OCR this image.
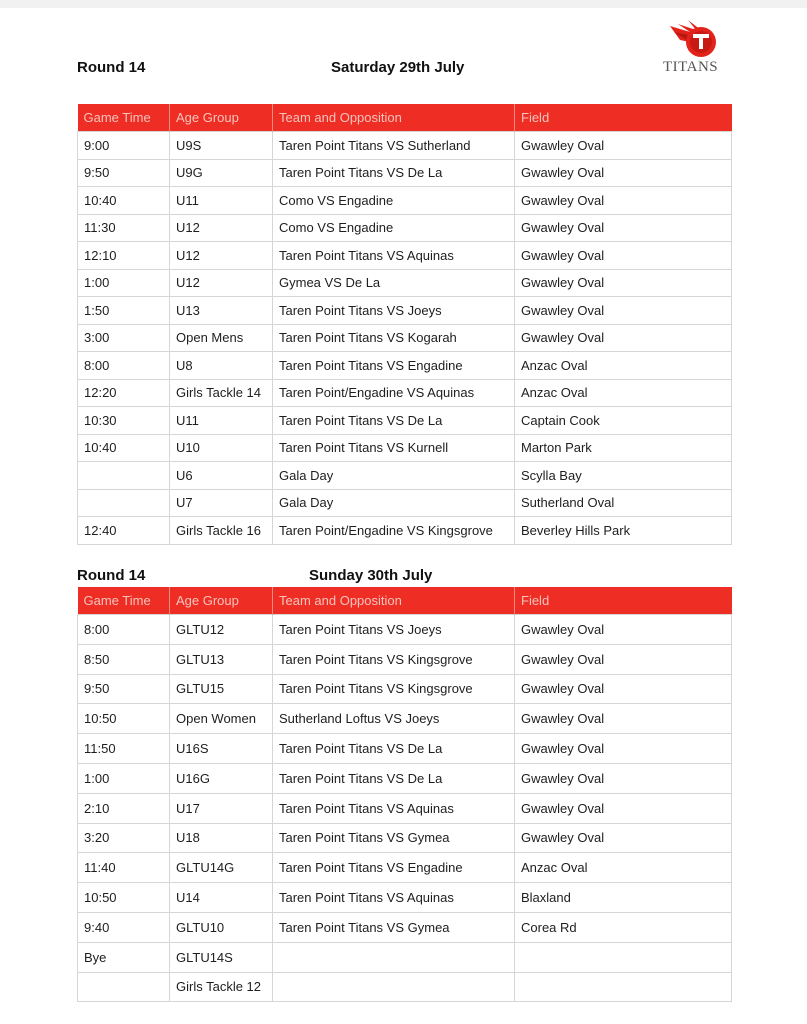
Round 14	Saturday 29th July	TITANS
Game Time	Age Group	Team and Opposition	Field
9:00	U9S	Taren Point Titans VS Sutherland	Gwawley Oval
9:50	U9G	Taren Point Titans VS De La	Gwawley Oval
10:40	U11	Como VS Engadine	Gwawley Oval
11:30	U12	Como VS Engadine	Gwawley Oval
12:10	U12	Taren Point Titans VS Aquinas	Gwawley Oval
1:00	U12	Gymea VS De La	Gwawley Oval
1:50	U13	Taren Point Titans VS Joeys	Gwawley Oval
3:00	Open Mens	Taren Point Titans VS Kogarah	Gwawley Oval
8:00	U8	Taren Point Titans VS Engadine	Anzac Oval
12:20	Girls Tackle 14	Taren Point/Engadine VS Aquinas	Anzac Oval
10:30	U11	Taren Point Titans VS De La	Captain Cook
10:40	U10	Taren Point Titans VS Kurnell	Marton Park
	U6	Gala Day	Scylla Bay
	U7	Gala Day	Sutherland Oval
12:40	Girls Tackle 16	Taren Point/Engadine VS Kingsgrove	Beverley Hills Park
Round 14	Sunday 30th July
Game Time	Age Group	Team and Opposition	Field
8:00	GLTU12	Taren Point Titans VS Joeys	Gwawley Oval
8:50	GLTU13	Taren Point Titans VS Kingsgrove	Gwawley Oval
9:50	GLTU15	Taren Point Titans VS Kingsgrove	Gwawley Oval
10:50	Open Women	Sutherland Loftus VS Joeys	Gwawley Oval
11:50	U16S	Taren Point Titans VS De La	Gwawley Oval
1:00	U16G	Taren Point Titans VS De La	Gwawley Oval
2:10	U17	Taren Point Titans VS Aquinas	Gwawley Oval
3:20	U18	Taren Point Titans VS Gymea	Gwawley Oval
11:40	GLTU14G	Taren Point Titans VS Engadine	Anzac Oval
10:50	U14	Taren Point Titans VS Aquinas	Blaxland
9:40	GLTU10	Taren Point Titans VS Gymea	Corea Rd
Bye	GLTU14S		
	Girls Tackle 12		
